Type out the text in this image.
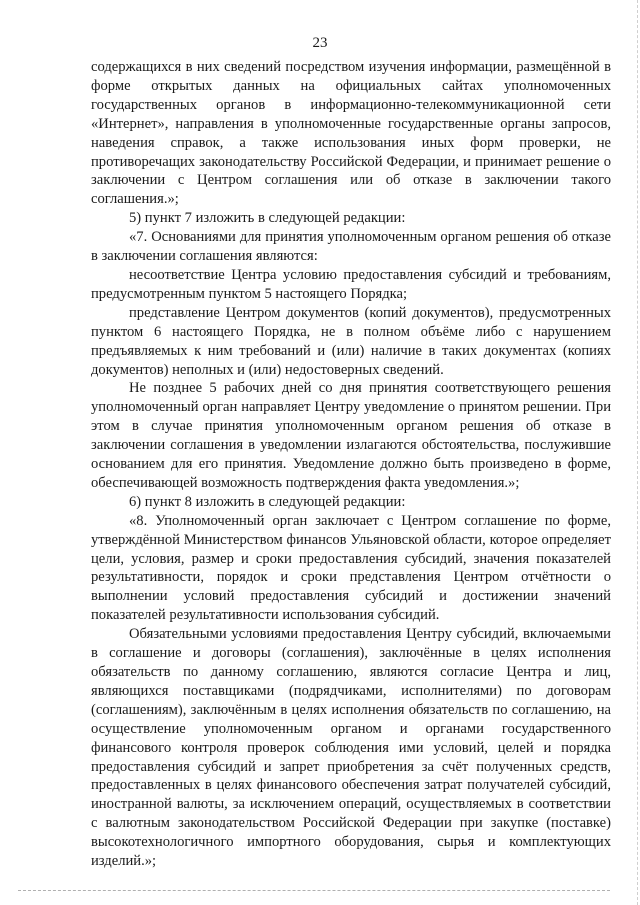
23

содержащихся в них сведений посредством изучения информации, размещённой в форме открытых данных на официальных сайтах уполномоченных государственных органов в информационно-телекоммуникационной сети «Интернет», направления в уполномоченные государственные органы запросов, наведения справок, а также использования иных форм проверки, не противоречащих законодательству Российской Федерации, и принимает решение о заключении с Центром соглашения или об отказе в заключении такого соглашения.»;

5) пункт 7 изложить в следующей редакции:

«7. Основаниями для принятия уполномоченным органом решения об отказе в заключении соглашения являются:

несоответствие Центра условию предоставления субсидий и требованиям, предусмотренным пунктом 5 настоящего Порядка;

представление Центром документов (копий документов), предусмотренных пунктом 6 настоящего Порядка, не в полном объёме либо с нарушением предъявляемых к ним требований и (или) наличие в таких документах (копиях документов) неполных и (или) недостоверных сведений.

Не позднее 5 рабочих дней со дня принятия соответствующего решения уполномоченный орган направляет Центру уведомление о принятом решении. При этом в случае принятия уполномоченным органом решения об отказе в заключении соглашения в уведомлении излагаются обстоятельства, послужившие основанием для его принятия. Уведомление должно быть произведено в форме, обеспечивающей возможность подтверждения факта уведомления.»;

6) пункт 8 изложить в следующей редакции:

«8. Уполномоченный орган заключает с Центром соглашение по форме, утверждённой Министерством финансов Ульяновской области, которое определяет цели, условия, размер и сроки предоставления субсидий, значения показателей результативности, порядок и сроки представления Центром отчётности о выполнении условий предоставления субсидий и достижении значений показателей результативности использования субсидий.

Обязательными условиями предоставления Центру субсидий, включаемыми в соглашение и договоры (соглашения), заключённые в целях исполнения обязательств по данному соглашению, являются согласие Центра и лиц, являющихся поставщиками (подрядчиками, исполнителями) по договорам (соглашениям), заключённым в целях исполнения обязательств по соглашению, на осуществление уполномоченным органом и органами государственного финансового контроля проверок соблюдения ими условий, целей и порядка предоставления субсидий и запрет приобретения за счёт полученных средств, предоставленных в целях финансового обеспечения затрат получателей субсидий, иностранной валюты, за исключением операций, осуществляемых в соответствии с валютным законодательством Российской Федерации при закупке (поставке) высокотехнологичного импортного оборудования, сырья и комплектующих изделий.»;
